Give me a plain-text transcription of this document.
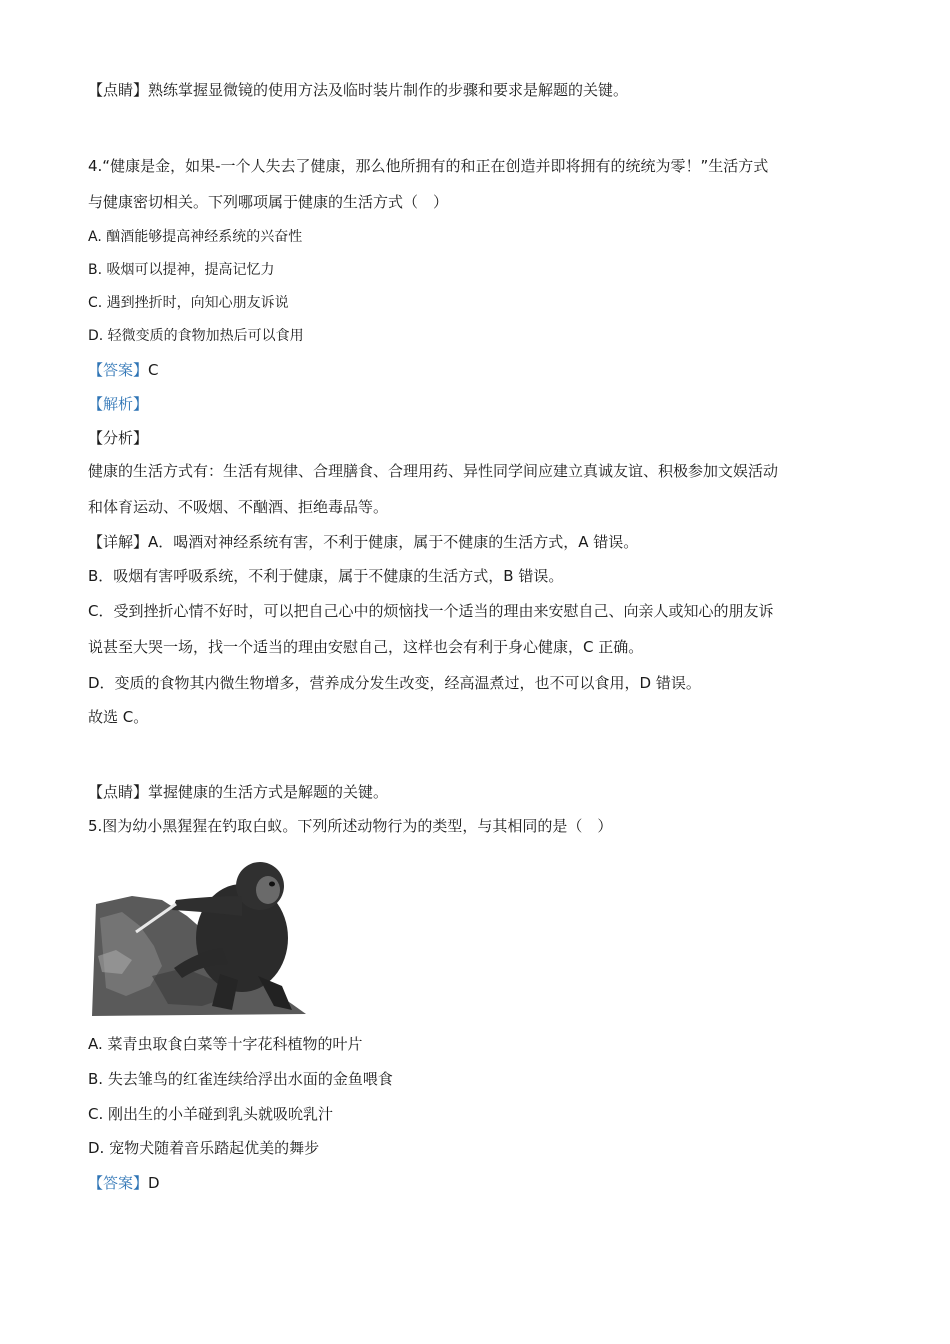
【点睛】熟练掌握显微镜的使用方法及临时装片制作的步骤和要求是解题的关键。
4.“健康是金，如果-一个人失去了健康，那么他所拥有的和正在创造并即将拥有的统统为零！”生活方式
与健康密切相关。下列哪项属于健康的生活方式（　）
A. 酗酒能够提高神经系统的兴奋性
B. 吸烟可以提神，提高记忆力
C. 遇到挫折时，向知心朋友诉说
D. 轻微变质的食物加热后可以食用
【答案】C
【解析】
【分析】
健康的生活方式有：生活有规律、合理膳食、合理用药、异性同学间应建立真诚友谊、积极参加文娱活动
和体育运动、不吸烟、不酗酒、拒绝毒品等。
【详解】A．喝酒对神经系统有害，不利于健康，属于不健康的生活方式，A 错误。
B．吸烟有害呼吸系统，不利于健康，属于不健康的生活方式，B 错误。
C．受到挫折心情不好时，可以把自己心中的烦恼找一个适当的理由来安慰自己、向亲人或知心的朋友诉
说甚至大哭一场，找一个适当的理由安慰自己，这样也会有利于身心健康，C 正确。
D．变质的食物其内微生物增多，营养成分发生改变，经高温煮过，也不可以食用，D 错误。
故选 C。
【点睛】掌握健康的生活方式是解题的关键。
5.图为幼小黑猩猩在钓取白蚁。下列所述动物行为的类型，与其相同的是（　）
A. 菜青虫取食白菜等十字花科植物的叶片
B. 失去雏鸟的红雀连续给浮出水面的金鱼喂食
C. 刚出生的小羊碰到乳头就吸吮乳汁
D. 宠物犬随着音乐踏起优美的舞步
【答案】D
